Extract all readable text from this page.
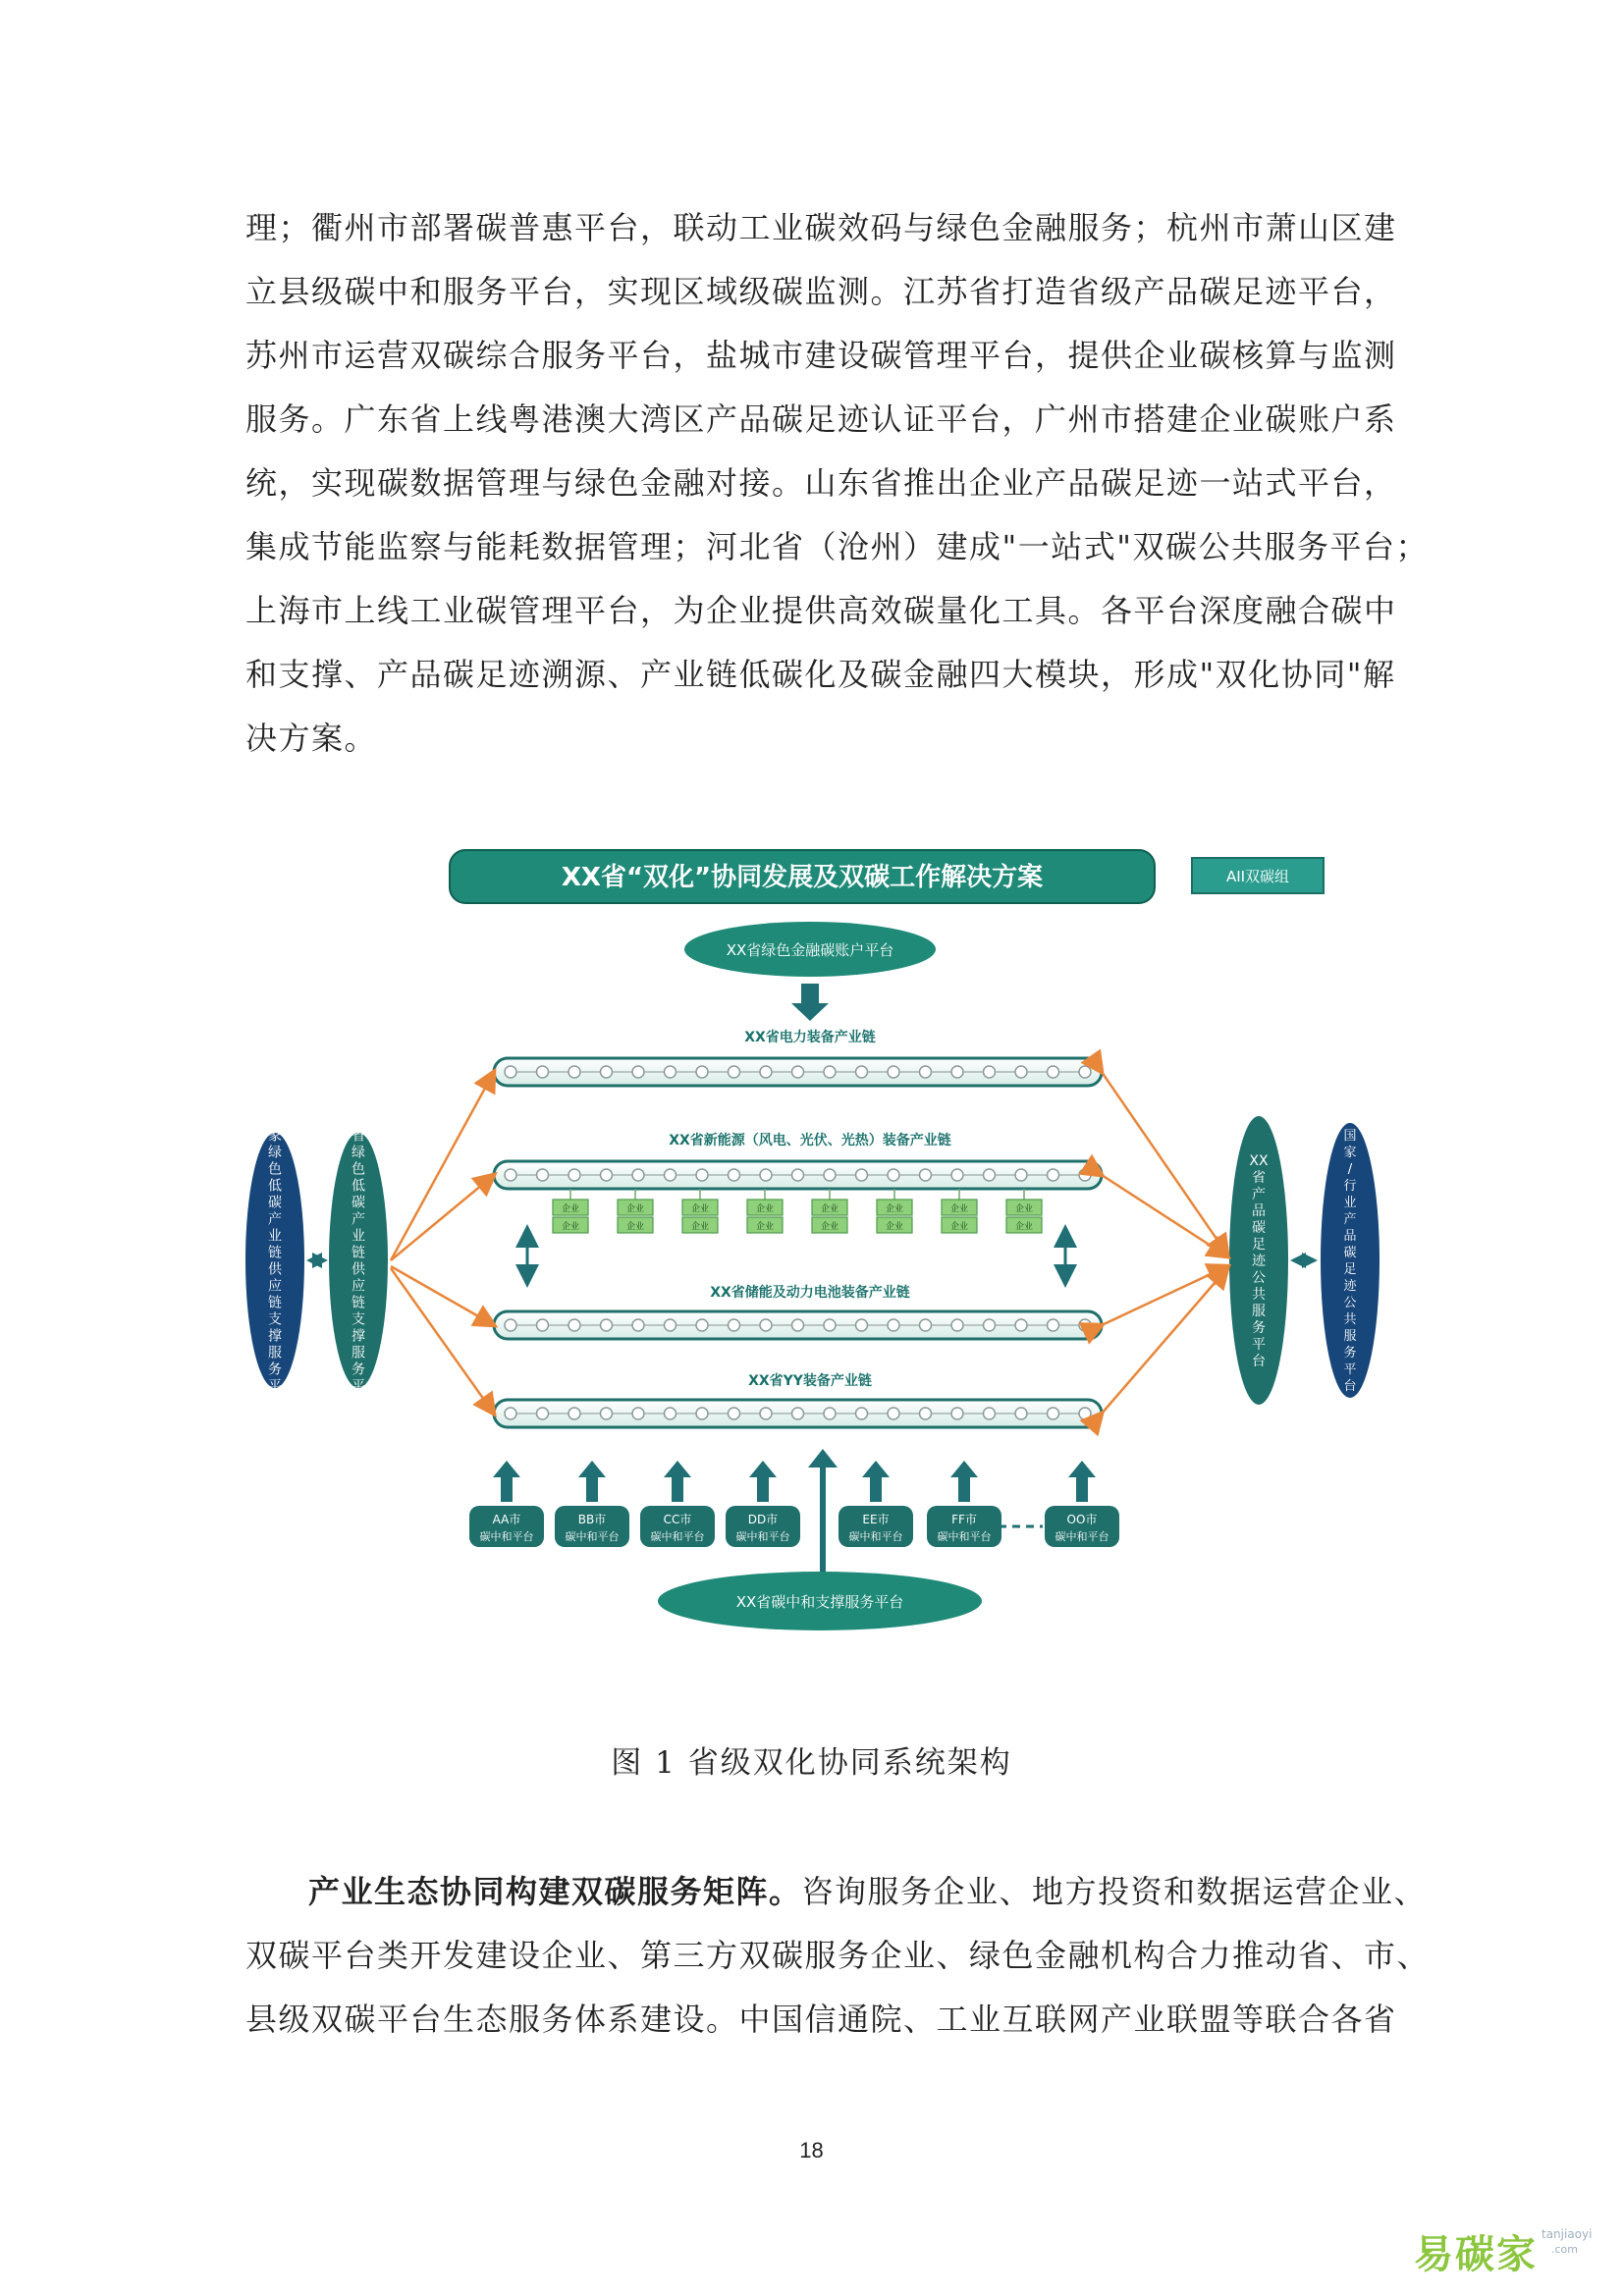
理；衢州市部署碳普惠平台，联动工业碳效码与绿色金融服务；杭州市萧山区建
立县级碳中和服务平台，实现区域级碳监测。江苏省打造省级产品碳足迹平台，
苏州市运营双碳综合服务平台，盐城市建设碳管理平台，提供企业碳核算与监测
服务。广东省上线粤港澳大湾区产品碳足迹认证平台，广州市搭建企业碳账户系
统，实现碳数据管理与绿色金融对接。山东省推出企业产品碳足迹一站式平台，
集成节能监察与能耗数据管理；河北省（沧州）建成"一站式"双碳公共服务平台；
上海市上线工业碳管理平台，为企业提供高效碳量化工具。各平台深度融合碳中
和支撑、产品碳足迹溯源、产业链低碳化及碳金融四大模块，形成"双化协同"解
决方案。
XX省“双化”协同发展及双碳工作解决方案	AII双碳组
XX省绿色金融碳账户平台
XX省电力装备产业链
XX省新能源（风电、光伏、光热）装备产业链
XX省储能及动力电池装备产业链
XX省YY装备产业链
企业
企业
企业
企业
企业
企业
企业
企业
企业
企业
企业
企业
企业
企业
企业
企业
国
家
绿
色
低
碳
产
业
链
供
应
链
支
撑
服
务
平
台
XX
省
绿
色
低
碳
产
业
链
供
应
链
支
撑
服
务
平
台
XX
省
产
品
碳
足
迹
公
共
服
务
平
台
国
家
/
行
业
产
品
碳
足
迹
公
共
服
务
平
台
AA市
碳中和平台
BB市
碳中和平台
CC市
碳中和平台
DD市
碳中和平台
EE市
碳中和平台
FF市
碳中和平台
OO市
碳中和平台
XX省碳中和支撑服务平台
图 1 省级双化协同系统架构
产业生态协同构建双碳服务矩阵。咨询服务企业、地方投资和数据运营企业、
双碳平台类开发建设企业、第三方双碳服务企业、绿色金融机构合力推动省、市、
县级双碳平台生态服务体系建设。中国信通院、工业互联网产业联盟等联合各省
18
易碳家 tanjiaoyi
.com
